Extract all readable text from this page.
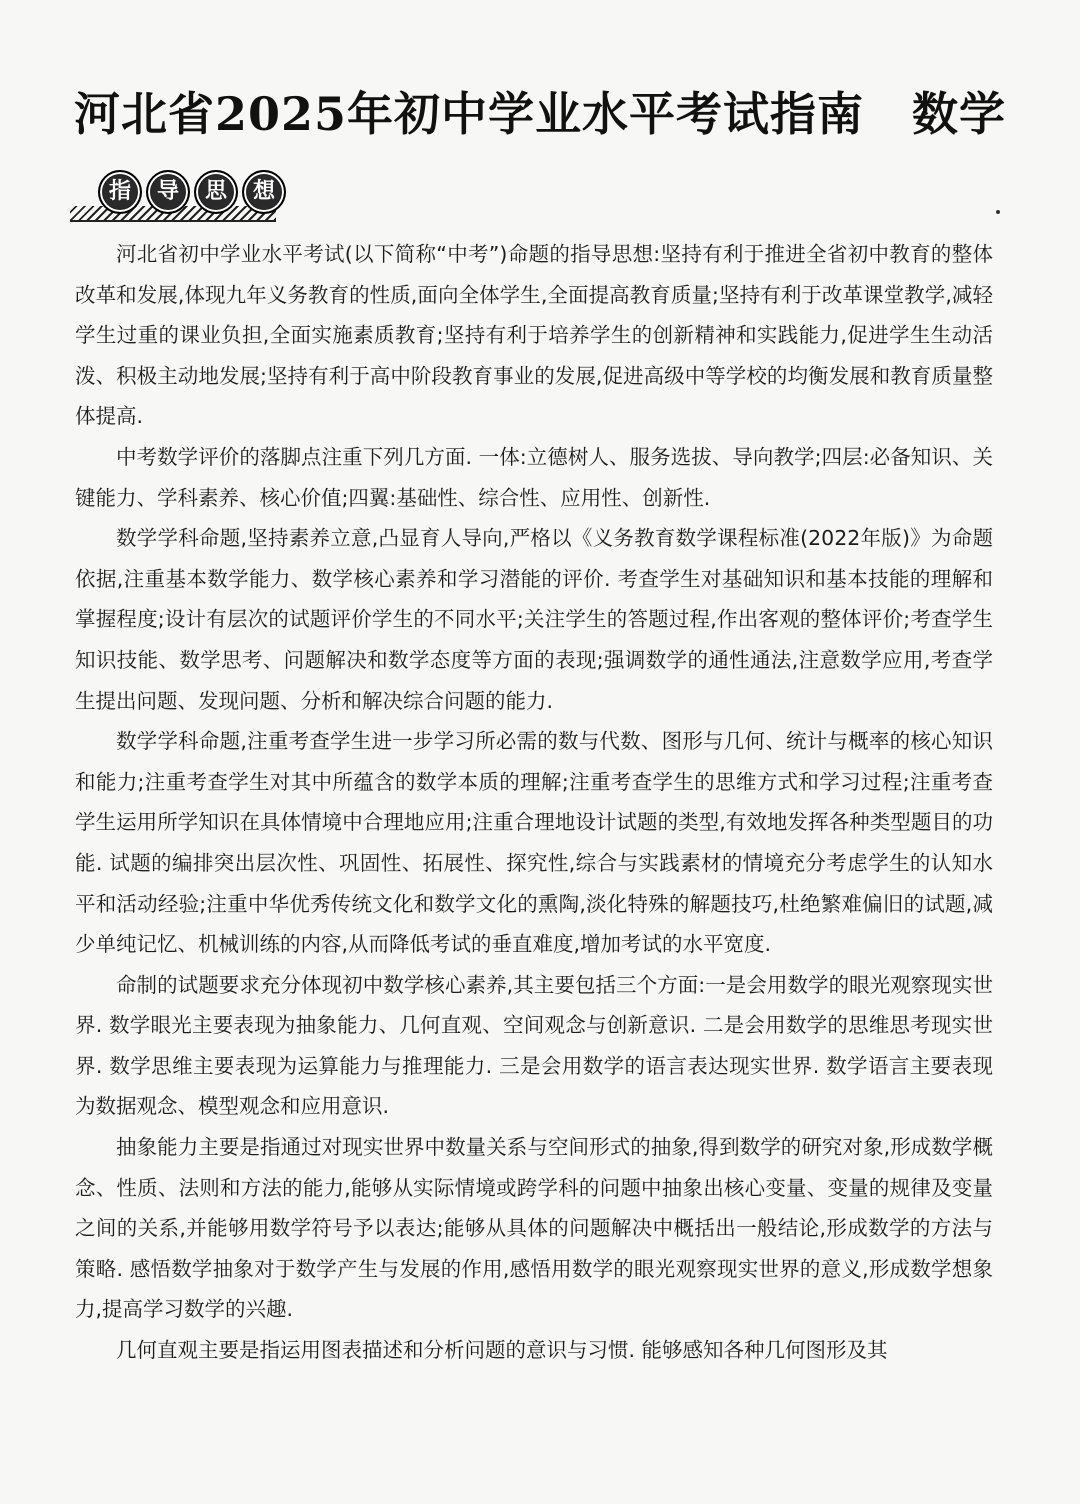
河北省2025年初中学业水平考试指南 数学
指	导	思	想

河北省初中学业水平考试(以下简称“中考”)命题的指导思想:坚持有利于推进全省初中教育的整体改革和发展,体现九年义务教育的性质,面向全体学生,全面提高教育质量;坚持有利于改革课堂教学,减轻学生过重的课业负担,全面实施素质教育;坚持有利于培养学生的创新精神和实践能力,促进学生生动活泼、积极主动地发展;坚持有利于高中阶段教育事业的发展,促进高级中等学校的均衡发展和教育质量整体提高.

中考数学评价的落脚点注重下列几方面. 一体:立德树人、服务选拔、导向教学;四层:必备知识、关键能力、学科素养、核心价值;四翼:基础性、综合性、应用性、创新性.

数学学科命题,坚持素养立意,凸显育人导向,严格以《义务教育数学课程标准(2022年版)》为命题依据,注重基本数学能力、数学核心素养和学习潜能的评价. 考查学生对基础知识和基本技能的理解和掌握程度;设计有层次的试题评价学生的不同水平;关注学生的答题过程,作出客观的整体评价;考查学生知识技能、数学思考、问题解决和数学态度等方面的表现;强调数学的通性通法,注意数学应用,考查学生提出问题、发现问题、分析和解决综合问题的能力.

数学学科命题,注重考查学生进一步学习所必需的数与代数、图形与几何、统计与概率的核心知识和能力;注重考查学生对其中所蕴含的数学本质的理解;注重考查学生的思维方式和学习过程;注重考查学生运用所学知识在具体情境中合理地应用;注重合理地设计试题的类型,有效地发挥各种类型题目的功能. 试题的编排突出层次性、巩固性、拓展性、探究性,综合与实践素材的情境充分考虑学生的认知水平和活动经验;注重中华优秀传统文化和数学文化的熏陶,淡化特殊的解题技巧,杜绝繁难偏旧的试题,减少单纯记忆、机械训练的内容,从而降低考试的垂直难度,增加考试的水平宽度.

命制的试题要求充分体现初中数学核心素养,其主要包括三个方面:一是会用数学的眼光观察现实世界. 数学眼光主要表现为抽象能力、几何直观、空间观念与创新意识. 二是会用数学的思维思考现实世界. 数学思维主要表现为运算能力与推理能力. 三是会用数学的语言表达现实世界. 数学语言主要表现为数据观念、模型观念和应用意识.

抽象能力主要是指通过对现实世界中数量关系与空间形式的抽象,得到数学的研究对象,形成数学概念、性质、法则和方法的能力,能够从实际情境或跨学科的问题中抽象出核心变量、变量的规律及变量之间的关系,并能够用数学符号予以表达;能够从具体的问题解决中概括出一般结论,形成数学的方法与策略. 感悟数学抽象对于数学产生与发展的作用,感悟用数学的眼光观察现实世界的意义,形成数学想象力,提高学习数学的兴趣.

几何直观主要是指运用图表描述和分析问题的意识与习惯. 能够感知各种几何图形及其
